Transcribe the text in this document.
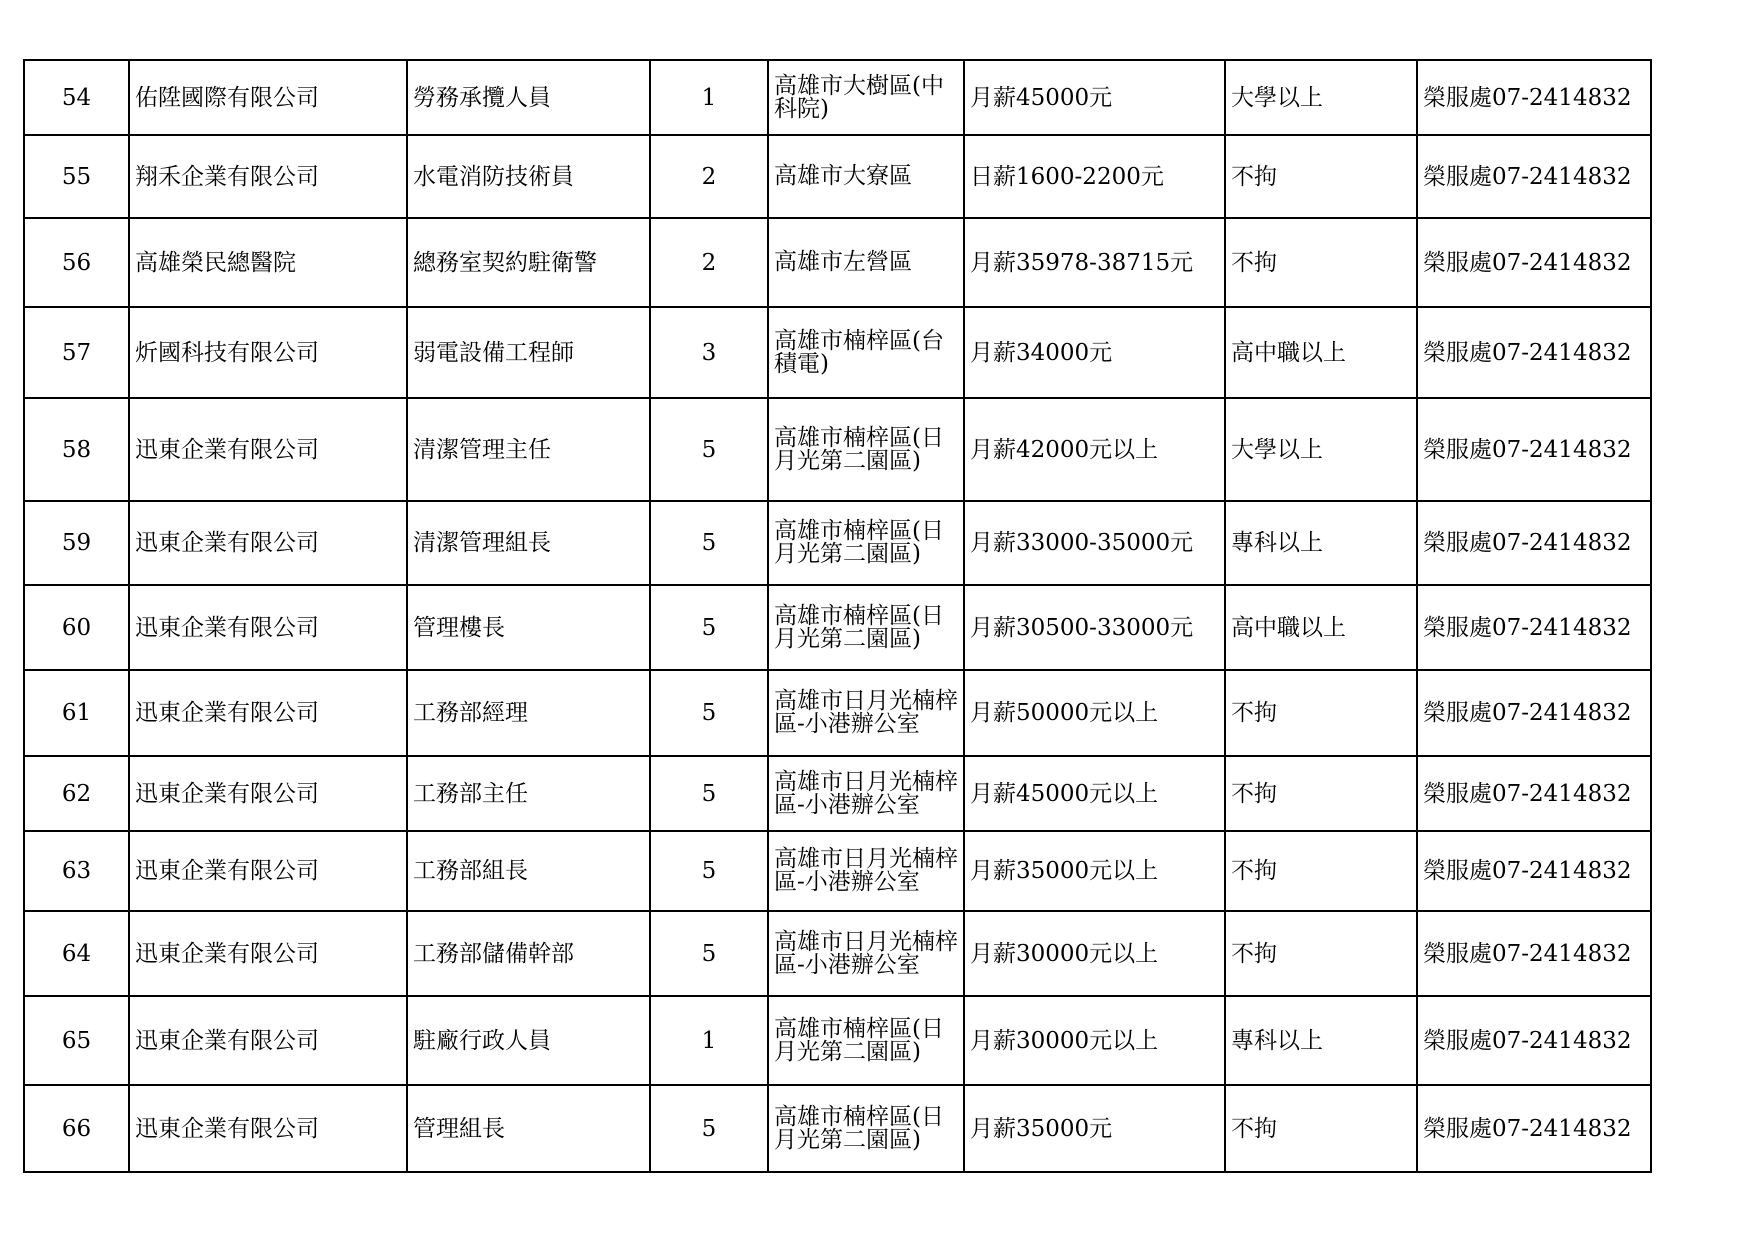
54	佑陞國際有限公司	勞務承攬人員	1	高雄市大樹區(中科院)	月薪45000元	大學以上	榮服處07-2414832
55	翔禾企業有限公司	水電消防技術員	2	高雄市大寮區	日薪1600-2200元	不拘	榮服處07-2414832
56	高雄榮民總醫院	總務室契約駐衛警	2	高雄市左營區	月薪35978-38715元	不拘	榮服處07-2414832
57	炘國科技有限公司	弱電設備工程師	3	高雄市楠梓區(台積電)	月薪34000元	高中職以上	榮服處07-2414832
58	迅東企業有限公司	清潔管理主任	5	高雄市楠梓區(日月光第二園區)	月薪42000元以上	大學以上	榮服處07-2414832
59	迅東企業有限公司	清潔管理組長	5	高雄市楠梓區(日月光第二園區)	月薪33000-35000元	專科以上	榮服處07-2414832
60	迅東企業有限公司	管理樓長	5	高雄市楠梓區(日月光第二園區)	月薪30500-33000元	高中職以上	榮服處07-2414832
61	迅東企業有限公司	工務部經理	5	高雄市日月光楠梓區-小港辦公室	月薪50000元以上	不拘	榮服處07-2414832
62	迅東企業有限公司	工務部主任	5	高雄市日月光楠梓區-小港辦公室	月薪45000元以上	不拘	榮服處07-2414832
63	迅東企業有限公司	工務部組長	5	高雄市日月光楠梓區-小港辦公室	月薪35000元以上	不拘	榮服處07-2414832
64	迅東企業有限公司	工務部儲備幹部	5	高雄市日月光楠梓區-小港辦公室	月薪30000元以上	不拘	榮服處07-2414832
65	迅東企業有限公司	駐廠行政人員	1	高雄市楠梓區(日月光第二園區)	月薪30000元以上	專科以上	榮服處07-2414832
66	迅東企業有限公司	管理組長	5	高雄市楠梓區(日月光第二園區)	月薪35000元	不拘	榮服處07-2414832
